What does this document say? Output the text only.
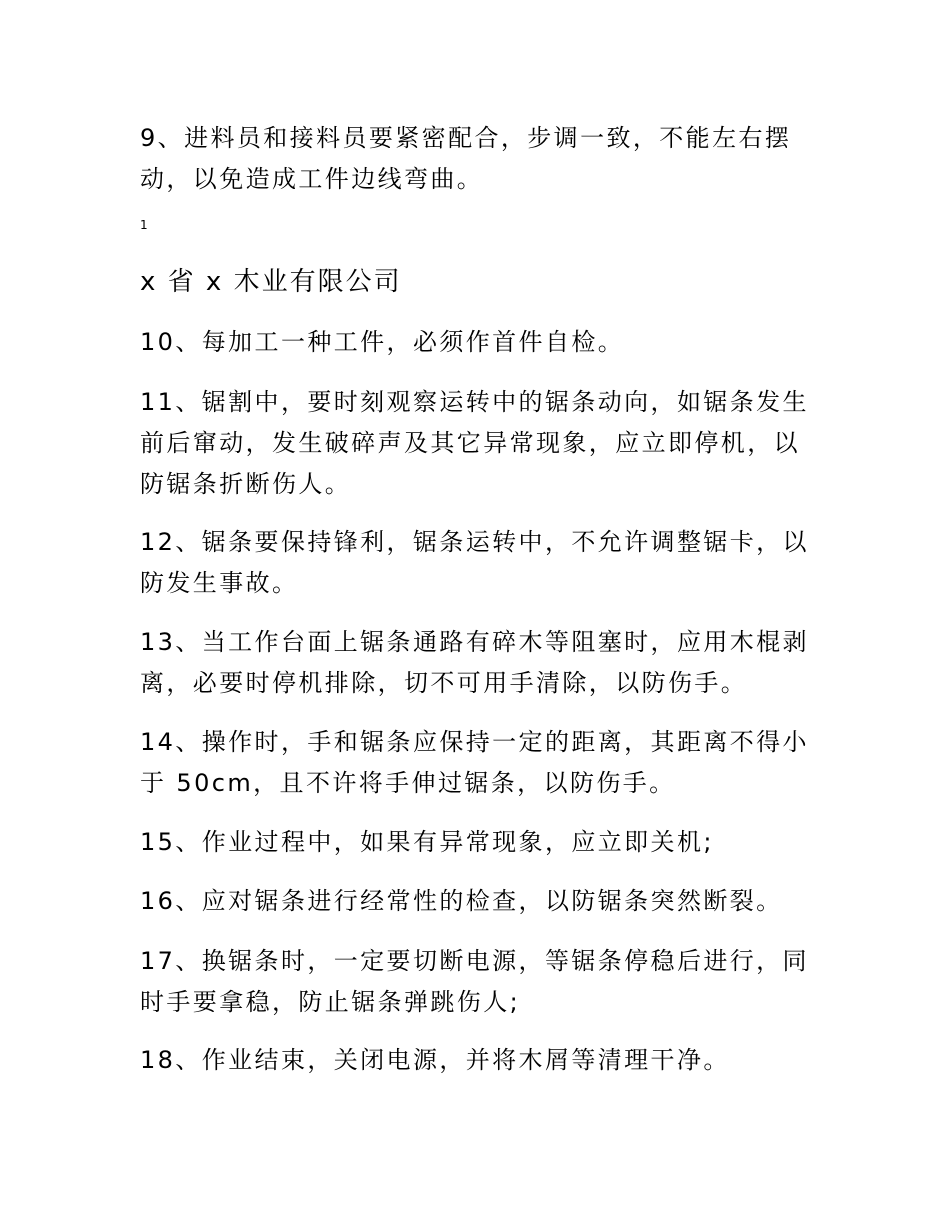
9、进料员和接料员要紧密配合，步调一致，不能左右摆动，以免造成工件边线弯曲。

1
x 省 x 木业有限公司

10、每加工一种工件，必须作首件自检。

11、锯割中，要时刻观察运转中的锯条动向，如锯条发生前后窜动，发生破碎声及其它异常现象，应立即停机，以防锯条折断伤人。

12、锯条要保持锋利，锯条运转中，不允许调整锯卡，以防发生事故。

13、当工作台面上锯条通路有碎木等阻塞时，应用木棍剥离，必要时停机排除，切不可用手清除，以防伤手。

14、操作时，手和锯条应保持一定的距离，其距离不得小于 50cm，且不许将手伸过锯条，以防伤手。

15、作业过程中，如果有异常现象，应立即关机;

16、应对锯条进行经常性的检查，以防锯条突然断裂。

17、换锯条时，一定要切断电源，等锯条停稳后进行，同时手要拿稳，防止锯条弹跳伤人;

18、作业结束，关闭电源，并将木屑等清理干净。
